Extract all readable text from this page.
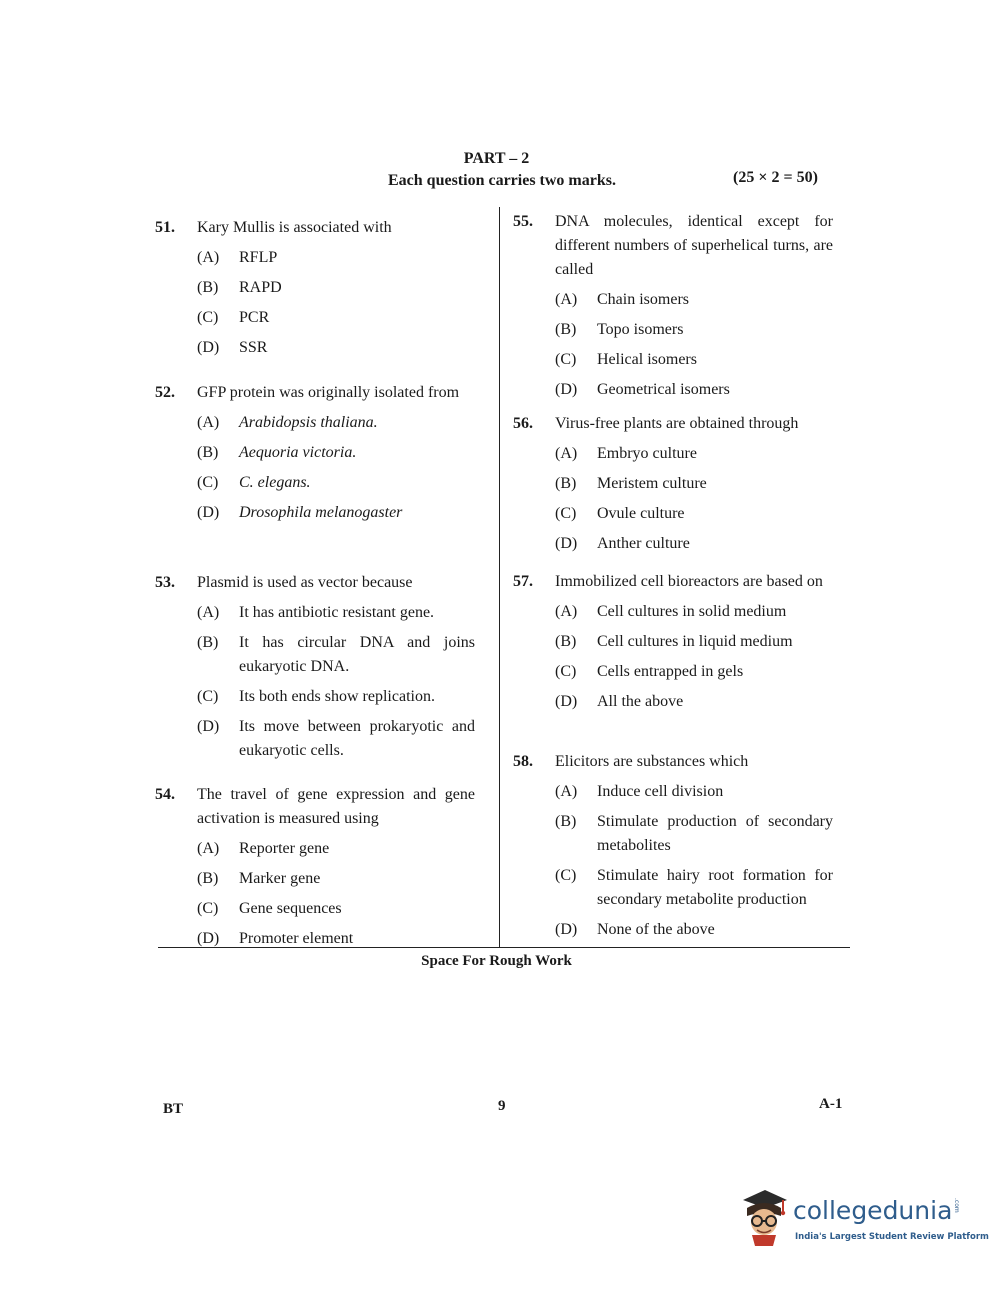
PART – 2
Each question carries two marks.	(25 × 2 = 50)
51. Kary Mullis is associated with
(A) RFLP
(B) RAPD
(C) PCR
(D) SSR
52. GFP protein was originally isolated from
(A) Arabidopsis thaliana.
(B) Aequoria victoria.
(C) C. elegans.
(D) Drosophila melanogaster
53. Plasmid is used as vector because
(A) It has antibiotic resistant gene.
(B) It has circular DNA and joins eukaryotic DNA.
(C) Its both ends show replication.
(D) Its move between prokaryotic and eukaryotic cells.
54. The travel of gene expression and gene activation is measured using
(A) Reporter gene
(B) Marker gene
(C) Gene sequences
(D) Promoter element
55. DNA molecules, identical except for different numbers of superhelical turns, are called
(A) Chain isomers
(B) Topo isomers
(C) Helical isomers
(D) Geometrical isomers
56. Virus-free plants are obtained through
(A) Embryo culture
(B) Meristem culture
(C) Ovule culture
(D) Anther culture
57. Immobilized cell bioreactors are based on
(A) Cell cultures in solid medium
(B) Cell cultures in liquid medium
(C) Cells entrapped in gels
(D) All the above
58. Elicitors are substances which
(A) Induce cell division
(B) Stimulate production of secondary metabolites
(C) Stimulate hairy root formation for secondary metabolite production
(D) None of the above
Space For Rough Work
BT	9	A-1
collegedunia .com
India's Largest Student Review Platform
